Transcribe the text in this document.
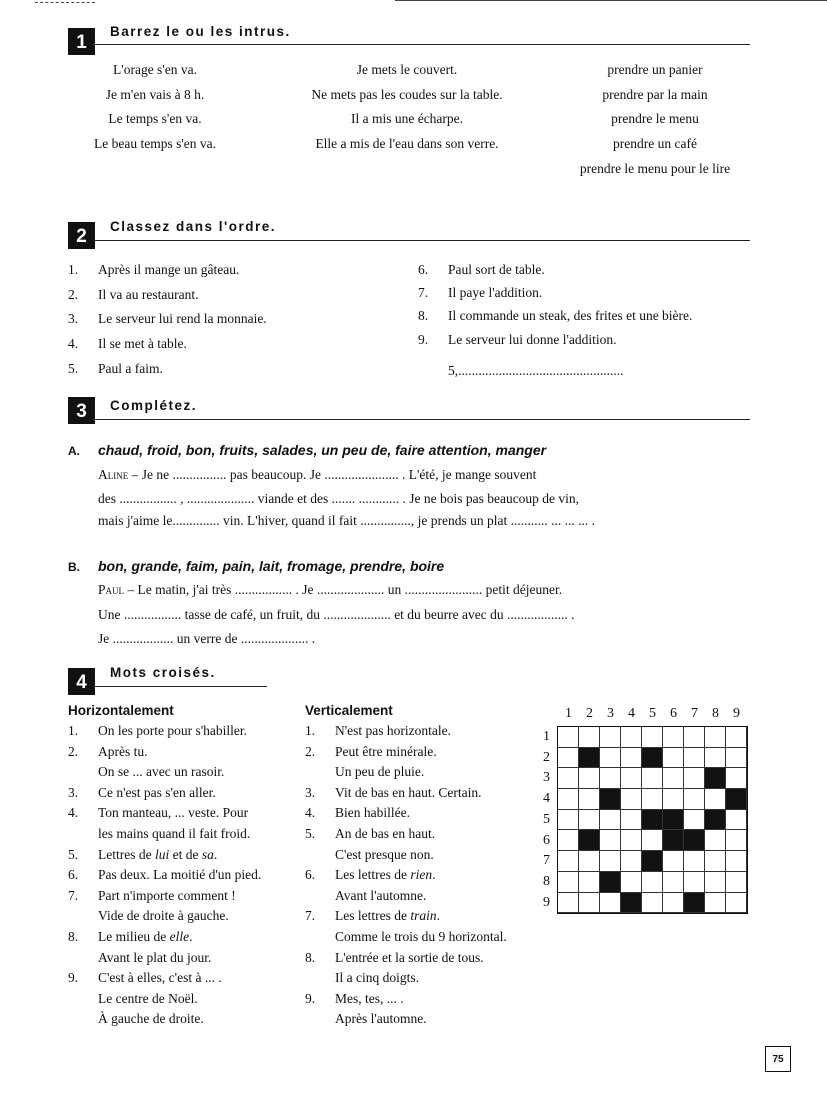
1
Barrez le ou les intrus.
L'orage s'en va.
Je m'en vais à 8 h.
Le temps s'en va.
Le beau temps s'en va.
Je mets le couvert.
Ne mets pas les coudes sur la table.
Il a mis une écharpe.
Elle a mis de l'eau dans son verre.
prendre un panier
prendre par la main
prendre le menu
prendre un café
prendre le menu pour le lire
2	Classez dans l'ordre.
1. Après il mange un gâteau.
2. Il va au restaurant.
3. Le serveur lui rend la monnaie.
4. Il se met à table.
5. Paul a faim.
6. Paul sort de table.
7. Il paye l'addition.
8. Il commande un steak, des frites et une bière.
9. Le serveur lui donne l'addition.
5,.................................................
3	Complétez.
A. chaud, froid, bon, fruits, salades, un peu de, faire attention, manger
Aline – Je ne ................ pas beaucoup. Je ...................... . L'été, je mange souvent
des ................. , .................... viande et des ....... ............ . Je ne bois pas beaucoup de vin,
mais j'aime le.............. vin. L'hiver, quand il fait ..............., je prends un plat ........... ... ... ... .
B. bon, grande, faim, pain, lait, fromage, prendre, boire
Paul – Le matin, j'ai très ................. . Je .................... un ....................... petit déjeuner.
Une ................. tasse de café, un fruit, du .................... et du beurre avec du .................. .
Je .................. un verre de .................... .
4	Mots croisés.
Horizontalement	Verticalement
1. On les porte pour s'habiller.
2. Après tu.
On se ... avec un rasoir.
3. Ce n'est pas s'en aller.
4. Ton manteau, ... veste. Pour
les mains quand il fait froid.
5. Lettres de lui et de sa.
6. Pas deux. La moitié d'un pied.
7. Part n'importe comment !
Vide de droite à gauche.
8. Le milieu de elle.
Avant le plat du jour.
9. C'est à elles, c'est à ... .
Le centre de Noël.
À gauche de droite.
1. N'est pas horizontale.
2. Peut être minérale.
Un peu de pluie.
3. Vit de bas en haut. Certain.
4. Bien habillée.
5. An de bas en haut.
C'est presque non.
6. Les lettres de rien.
Avant l'automne.
7. Les lettres de train.
Comme le trois du 9 horizontal.
8. L'entrée et la sortie de tous.
Il a cinq doigts.
9. Mes, tes, ... .
Après l'automne.
1	2	3	4	5	6	7	8	9
1
2
3
4
5
6
7
8
9
75
